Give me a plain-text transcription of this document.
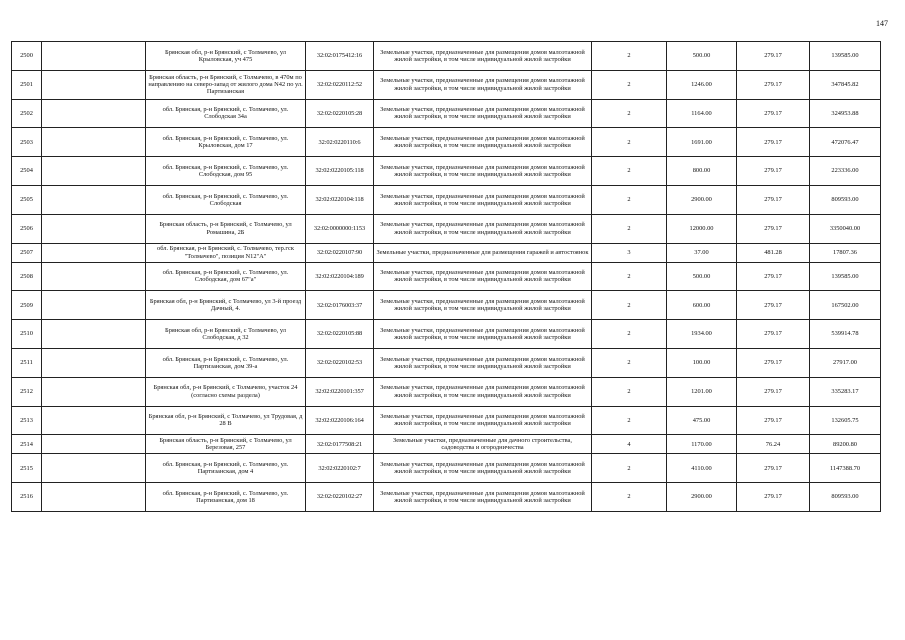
147
2500		Брянская обл, р-н Брянский, с Толмачево, ул Крыловская, уч 475	32:02:0175412:16	Земельные участки, предназначенные для размещения домов малоэтажной жилой застройки, в том числе индивидуальной жилой застройки	2	500.00	279.17	139585.00
2501		Брянская область, р-н Брянский, с Толмачево, в 470м по направлению на северо-запад от жилого дома N42 по ул. Партизанская	32:02:0220112:52	Земельные участки, предназначенные для размещения домов малоэтажной жилой застройки, в том числе индивидуальной жилой застройки	2	1246.00	279.17	347845.82
2502		обл. Брянская, р-н Брянский, с. Толмачево, ул. Слободская 34а	32:02:0220105:28	Земельные участки, предназначенные для размещения домов малоэтажной жилой застройки, в том числе индивидуальной жилой застройки	2	1164.00	279.17	324953.88
2503		обл. Брянская, р-н Брянский, с. Толмачево, ул. Крыловская, дом 17	32:02:0220110:6	Земельные участки, предназначенные для размещения домов малоэтажной жилой застройки, в том числе индивидуальной жилой застройки	2	1691.00	279.17	472076.47
2504		обл. Брянская, р-н Брянский, с. Толмачево, ул. Слободская, дом 95	32:02:0220105:118	Земельные участки, предназначенные для размещения домов малоэтажной жилой застройки, в том числе индивидуальной жилой застройки	2	800.00	279.17	223336.00
2505		обл. Брянская, р-н Брянский, с. Толмачево, ул. Слободская	32:02:0220104:118	Земельные участки, предназначенные для размещения домов малоэтажной жилой застройки, в том числе индивидуальной жилой застройки	2	2900.00	279.17	809593.00
2506		Брянская область, р-н Брянский, с Толмачево, ул Ромашина, 2Б	32:02:0000000:1153	Земельные участки, предназначенные для размещения домов малоэтажной жилой застройки, в том числе индивидуальной жилой застройки	2	12000.00	279.17	3350040.00
2507		обл. Брянская, р-н Брянский, с. Толмачево, тер.гск "Толмачево", позиция N12"А"	32:02:0220107:90	Земельные участки, предназначенные для размещения гаражей и автостоянок	3	37.00	481.28	17807.36
2508		обл. Брянская, р-н Брянский, с. Толмачево, ул. Слободская, дом 67"а"	32:02:0220104:189	Земельные участки, предназначенные для размещения домов малоэтажной жилой застройки, в том числе индивидуальной жилой застройки	2	500.00	279.17	139585.00
2509		Брянская обл, р-н Брянский, с Толмачево, ул 3-й проезд Дачный, 4.	32:02:0176003:37	Земельные участки, предназначенные для размещения домов малоэтажной жилой застройки, в том числе индивидуальной жилой застройки	2	600.00	279.17	167502.00
2510		Брянская обл, р-н Брянский, с Толмачево, ул Слободская, д 32	32:02:0220105:88	Земельные участки, предназначенные для размещения домов малоэтажной жилой застройки, в том числе индивидуальной жилой застройки	2	1934.00	279.17	539914.78
2511		обл. Брянская, р-н Брянский, с. Толмачево, ул. Партизанская, дом 39-а	32:02:0220102:53	Земельные участки, предназначенные для размещения домов малоэтажной жилой застройки, в том числе индивидуальной жилой застройки	2	100.00	279.17	27917.00
2512		Брянская обл, р-н Брянский, с Толмачево, участок 24 (согласно схемы раздела)	32:02:0220101:357	Земельные участки, предназначенные для размещения домов малоэтажной жилой застройки, в том числе индивидуальной жилой застройки	2	1201.00	279.17	335283.17
2513		Брянская обл, р-н Брянский, с Толмачево, ул Трудовая, д 28 В	32:02:0220106:164	Земельные участки, предназначенные для размещения домов малоэтажной жилой застройки, в том числе индивидуальной жилой застройки	2	475.00	279.17	132605.75
2514		Брянская область, р-н Брянский, с Толмачево, ул Березовая, 257	32:02:0177508:21	Земельные участки, предназначенные для дачного строительства, садоводства и огородничества	4	1170.00	76.24	89200.80
2515		обл. Брянская, р-н Брянский, с. Толмачево, ул. Партизанская, дом 4	32:02:0220102:7	Земельные участки, предназначенные для размещения домов малоэтажной жилой застройки, в том числе индивидуальной жилой застройки	2	4110.00	279.17	1147388.70
2516		обл. Брянская, р-н Брянский, с. Толмачево, ул. Партизанская, дом 18	32:02:0220102:27	Земельные участки, предназначенные для размещения домов малоэтажной жилой застройки, в том числе индивидуальной жилой застройки	2	2900.00	279.17	809593.00
